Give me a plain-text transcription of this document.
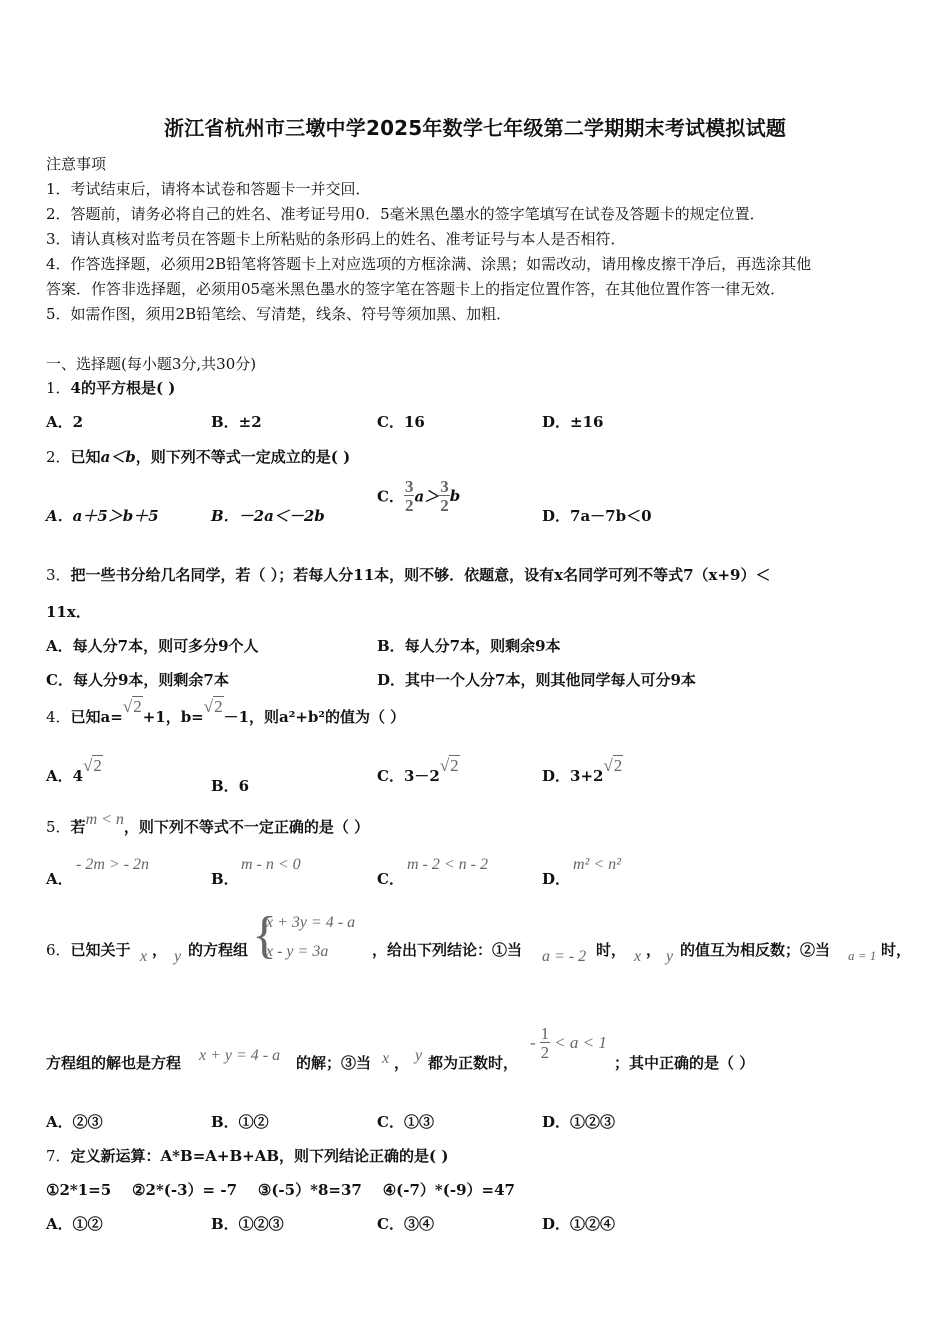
浙江省杭州市三墩中学2025年数学七年级第二学期期末考试模拟试题
注意事项
1．考试结束后，请将本试卷和答题卡一并交回．
2．答题前，请务必将自己的姓名、准考证号用0．5毫米黑色墨水的签字笔填写在试卷及答题卡的规定位置．
3．请认真核对监考员在答题卡上所粘贴的条形码上的姓名、准考证号与本人是否相符．
4．作答选择题，必须用2B铅笔将答题卡上对应选项的方框涂满、涂黑；如需改动，请用橡皮擦干净后，再选涂其他
答案．作答非选择题，必须用05毫米黑色墨水的签字笔在答题卡上的指定位置作答，在其他位置作答一律无效．
5．如需作图，须用2B铅笔绘、写清楚，线条、符号等须加黑、加粗．
一、选择题(每小题3分,共30分)
1．4的平方根是( )
A．2	B．±2	C．16	D．±16
2．已知a＜b，则下列不等式一定成立的是( )
A．a＋5＞b＋5	B．－2a＜－2b
C． $\frac{3}{2} a> \frac{3}{2}$ b
D．7a－7b＜0
3．把一些书分给几名同学，若（ ）；若每人分11本，则不够．依题意，设有x名同学可列不等式7（x+9）＜
11x．
A．每人分7本，则可多分9个人	B．每人分7本，则剩余9本
C．每人分9本，则剩余7本	D．其中一个人分7本，则其他同学每人可分9本
4．已知a=√2+1，b=√2－1，则a²+b²的值为（ ）
A．4√2
B．6
C．3－2√2
D．3+2√2
5．若m < n，则下列不等式不一定正确的是（ ）
A．
- 2m > - 2n
B．
m - n < 0
C．
m - 2 < n - 2
D．
m² < n²
6．已知关于 x ， y 的方程组 {
x + 3y = 4 - a
x - y = 3a	，给出下列结论：①当 a = - 2 时， x ， y 的值互为相反数；②当 a = 1 时，
方程组的解也是方程 x + y = 4 - a 的解；③当 x ， y 都为正数时，
- $\frac{1}{2} < a < 1$
；其中正确的是（ ）
A．②③	B．①②	C．①③	D．①②③
7．定义新运算：A*B=A+B+AB，则下列结论正确的是( )
①2*1=5    ②2*(-3）= -7    ③(-5）*8=37    ④(-7）*(-9）=47
A．①②	B．①②③	C．③④	D．①②④
